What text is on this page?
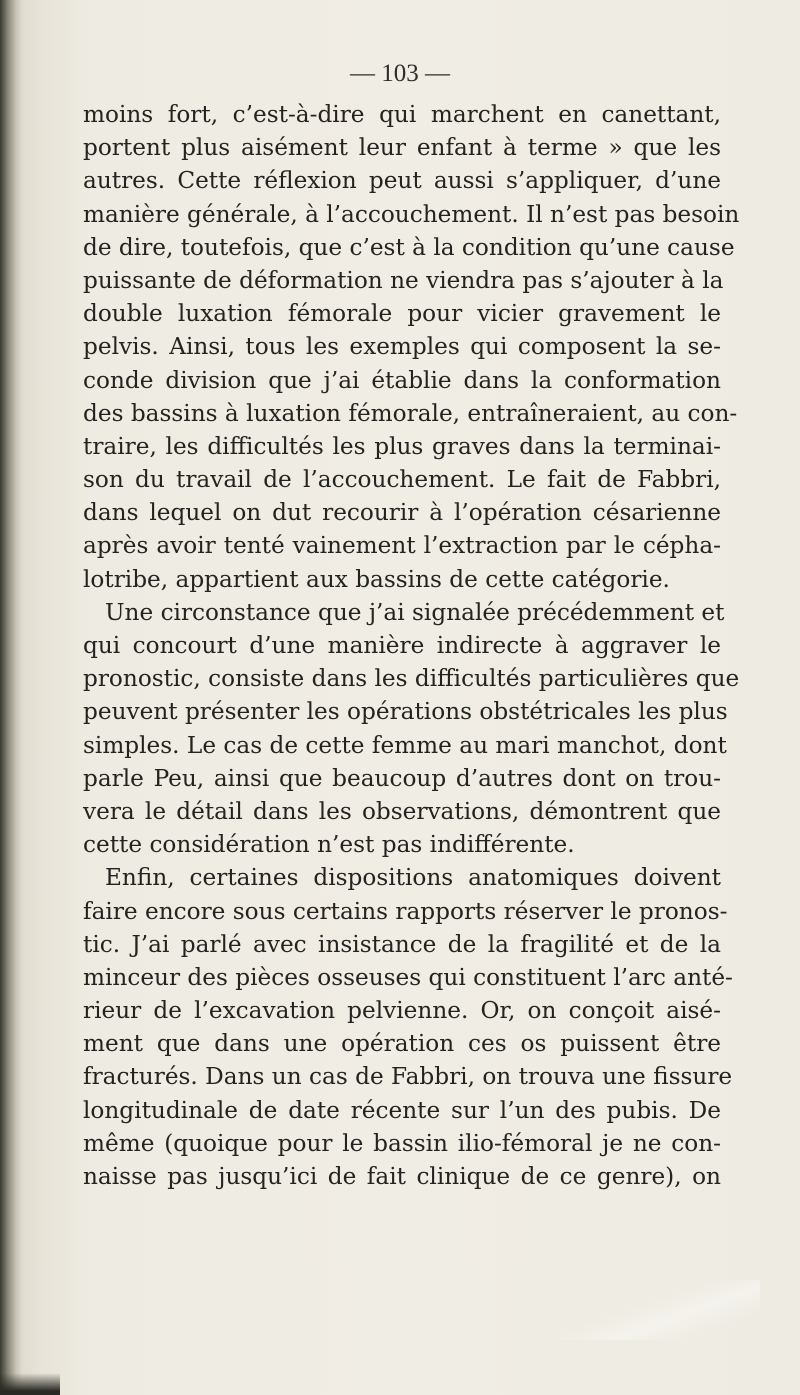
— 103 —

moins fort, c’est-à-dire qui marchent en canettant,
portent plus aisément leur enfant à terme » que les
autres. Cette réflexion peut aussi s’appliquer, d’une
manière générale, à l’accouchement. Il n’est pas besoin
de dire, toutefois, que c’est à la condition qu’une cause
puissante de déformation ne viendra pas s’ajouter à la
double luxation fémorale pour vicier gravement le
pelvis. Ainsi, tous les exemples qui composent la se-
conde division que j’ai établie dans la conformation
des bassins à luxation fémorale, entraîneraient, au con-
traire, les difficultés les plus graves dans la terminai-
son du travail de l’accouchement. Le fait de Fabbri,
dans lequel on dut recourir à l’opération césarienne
après avoir tenté vainement l’extraction par le cépha-
lotribe, appartient aux bassins de cette catégorie.
Une circonstance que j’ai signalée précédemment et
qui concourt d’une manière indirecte à aggraver le
pronostic, consiste dans les difficultés particulières que
peuvent présenter les opérations obstétricales les plus
simples. Le cas de cette femme au mari manchot, dont
parle Peu, ainsi que beaucoup d’autres dont on trou-
vera le détail dans les observations, démontrent que
cette considération n’est pas indifférente.
Enfin, certaines dispositions anatomiques doivent
faire encore sous certains rapports réserver le pronos-
tic. J’ai parlé avec insistance de la fragilité et de la
minceur des pièces osseuses qui constituent l’arc anté-
rieur de l’excavation pelvienne. Or, on conçoit aisé-
ment que dans une opération ces os puissent être
fracturés. Dans un cas de Fabbri, on trouva une fissure
longitudinale de date récente sur l’un des pubis. De
même (quoique pour le bassin ilio-fémoral je ne con-
naisse pas jusqu’ici de fait clinique de ce genre), on
